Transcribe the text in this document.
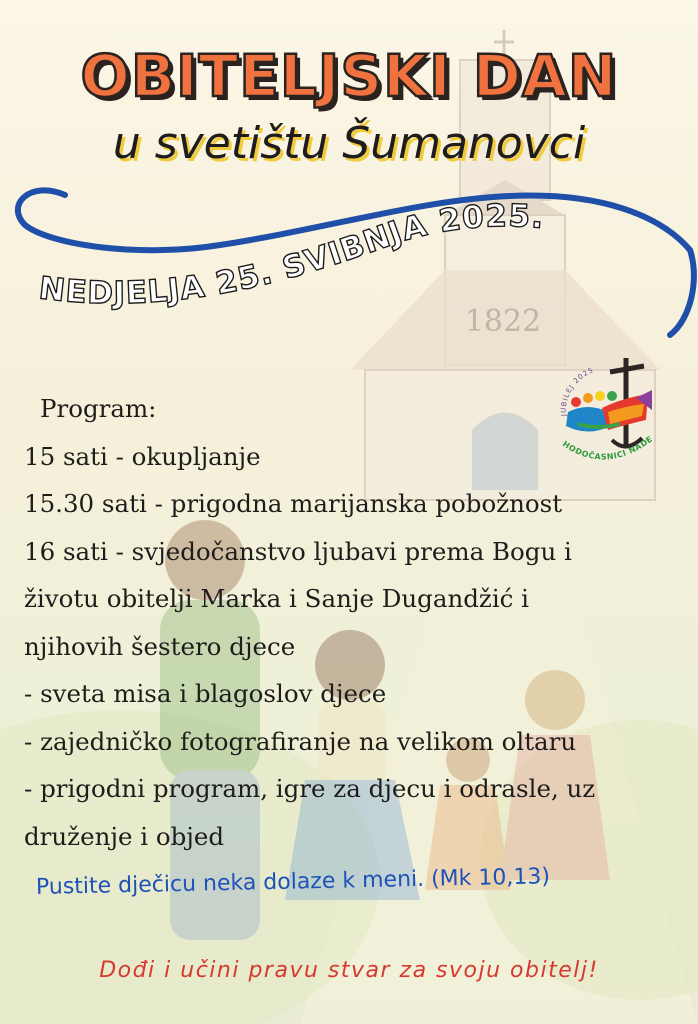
1822
OBITELJSKI DAN
u svetištu Šumanovci
NEDJELJA 25. SVIBNJA 2025.
JUBILEJ 2025
HODOČASNICI NADE

Program:

15 sati - okupljanje

15.30 sati - prigodna marijanska pobožnost

16 sati - svjedočanstvo ljubavi prema Bogu i

životu obitelji Marka i Sanje Dugandžić i

njihovih šestero djece

- sveta misa i blagoslov djece

- zajedničko fotografiranje na velikom oltaru

- prigodni program, igre za djecu i odrasle, uz

druženje i objed

Pustite dječicu neka dolaze k meni. (Mk 10,13)
Dođi i učini pravu stvar za svoju obitelj!
